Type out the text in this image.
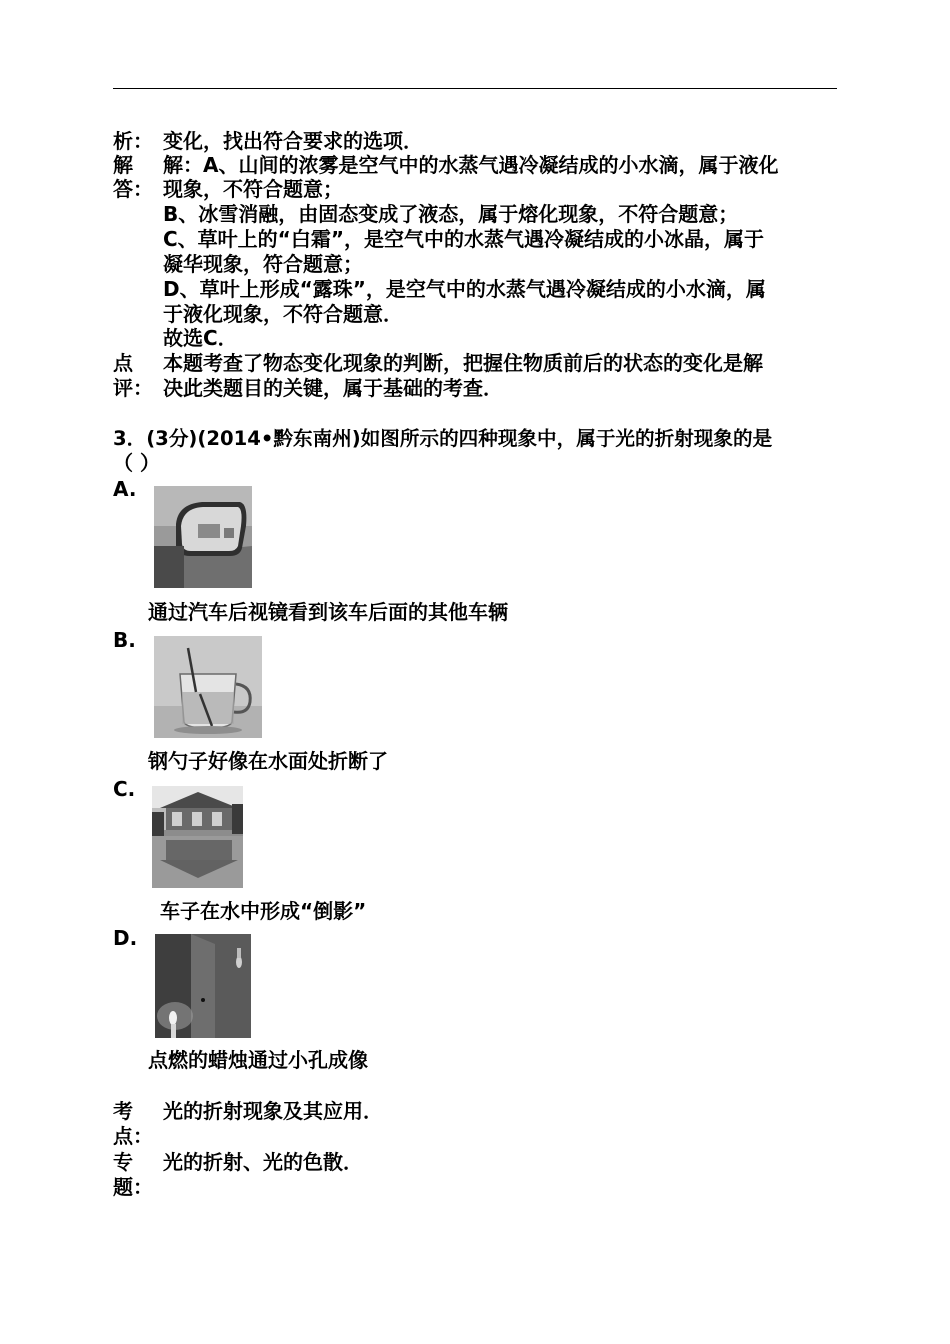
析： 变化，找出符合要求的选项．
解
答：
解：A、山间的浓雾是空气中的水蒸气遇冷凝结成的小水滴，属于液化
现象，不符合题意；
B、冰雪消融，由固态变成了液态，属于熔化现象，不符合题意；
C、草叶上的“白霜”，是空气中的水蒸气遇冷凝结成的小冰晶，属于
凝华现象，符合题意；
D、草叶上形成“露珠”，是空气中的水蒸气遇冷凝结成的小水滴，属
于液化现象，不符合题意．
故选C．
点
评：
本题考查了物态变化现象的判断，把握住物质前后的状态的变化是解
决此类题目的关键，属于基础的考查．
3．(3分)(2014•黔东南州)如图所示的四种现象中，属于光的折射现象的是
（ ）
A.
通过汽车后视镜看到该车后面的其他车辆
B.
钢勺子好像在水面处折断了
C.
车子在水中形成“倒影”
D.
点燃的蜡烛通过小孔成像
考
点：
光的折射现象及其应用．
专
题：
光的折射、光的色散．
